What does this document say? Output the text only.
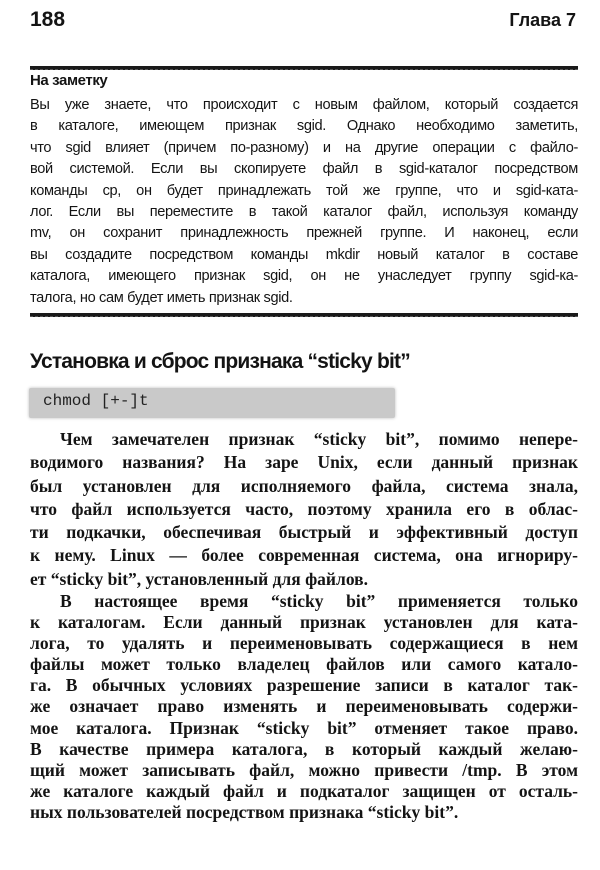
188	Глава 7
На заметку
Вы уже знаете, что происходит с новым файлом, который создается
в каталоге, имеющем признак sgid. Однако необходимо заметить,
что sgid влияет (причем по-разному) и на другие операции с файло-
вой системой. Если вы скопируете файл в sgid-каталог посредством
команды cp, он будет принадлежать той же группе, что и sgid-ката-
лог. Если вы переместите в такой каталог файл, используя команду
mv, он сохранит принадлежность прежней группе. И наконец, если
вы создадите посредством команды mkdir новый каталог в составе
каталога, имеющего признак sgid, он не унаследует группу sgid-ка-
талога, но сам будет иметь признак sgid.
Установка и сброс признака “sticky bit”
chmod [+-]t
Чем замечателен признак “sticky bit”, помимо непере-
водимого названия? На заре Unix, если данный признак
был установлен для исполняемого файла, система знала,
что файл используется часто, поэтому хранила его в облас-
ти подкачки, обеспечивая быстрый и эффективный доступ
к нему. Linux — более современная система, она игнориру-
ет “sticky bit”, установленный для файлов.
В настоящее время “sticky bit” применяется только
к каталогам. Если данный признак установлен для ката-
лога, то удалять и переименовывать содержащиеся в нем
файлы может только владелец файлов или самого катало-
га. В обычных условиях разрешение записи в каталог так-
же означает право изменять и переименовывать содержи-
мое каталога. Признак “sticky bit” отменяет такое право.
В качестве примера каталога, в который каждый желаю-
щий может записывать файл, можно привести /tmp. В этом
же каталоге каждый файл и подкаталог защищен от осталь-
ных пользователей посредством признака “sticky bit”.
